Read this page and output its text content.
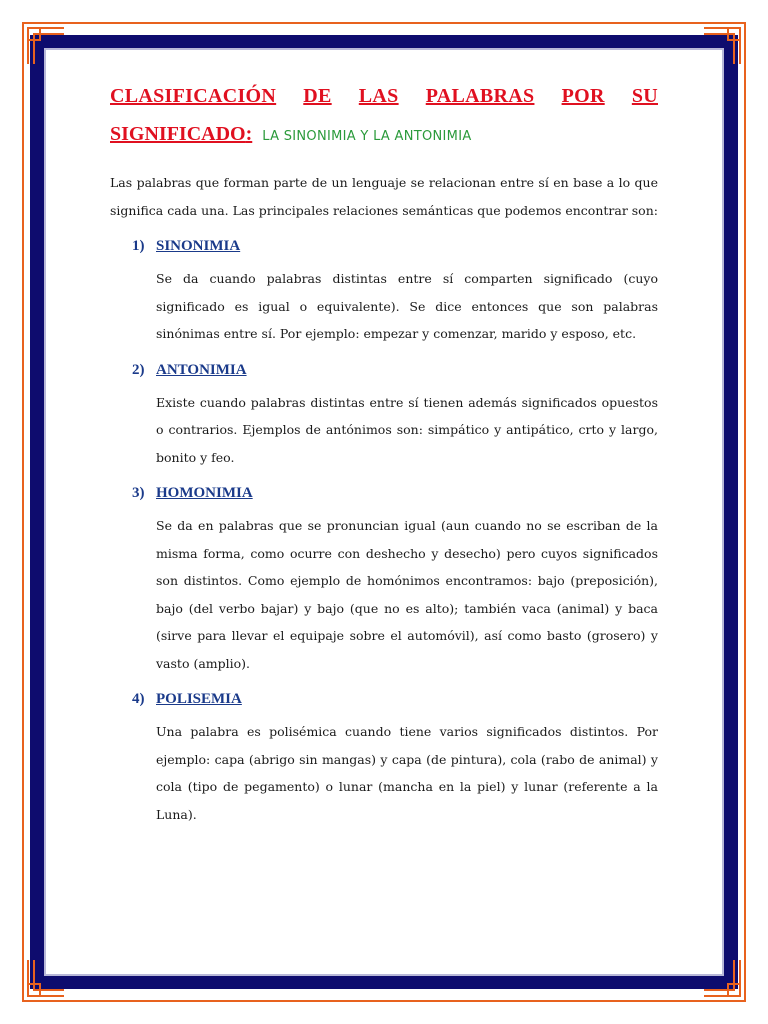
CLASIFICACIÓN DE LAS PALABRAS POR SU
SIGNIFICADO: LA SINONIMIA Y LA ANTONIMIA

Las palabras que forman parte de un lenguaje se relacionan entre sí en base a lo que significa cada una. Las principales relaciones semánticas que podemos encontrar son:

1) SINONIMIA

Se da cuando palabras distintas entre sí comparten significado (cuyo significado es igual o equivalente). Se dice entonces que son palabras sinónimas entre sí. Por ejemplo: empezar y comenzar, marido y esposo, etc.

2) ANTONIMIA

Existe cuando palabras distintas entre sí tienen además significados opuestos o contrarios. Ejemplos de antónimos son: simpático y antipático, crto y largo, bonito y feo.

3) HOMONIMIA

Se da en palabras que se pronuncian igual (aun cuando no se escriban de la misma forma, como ocurre con deshecho y desecho) pero cuyos significados son distintos. Como ejemplo de homónimos encontramos: bajo (preposición), bajo (del verbo bajar) y bajo (que no es alto); también vaca (animal) y baca (sirve para llevar el equipaje sobre el automóvil), así como basto (grosero) y vasto (amplio).

4) POLISEMIA

Una palabra es polisémica cuando tiene varios significados distintos. Por ejemplo: capa (abrigo sin mangas) y capa (de pintura), cola (rabo de animal) y cola (tipo de pegamento) o lunar (mancha en la piel) y lunar (referente a la Luna).
